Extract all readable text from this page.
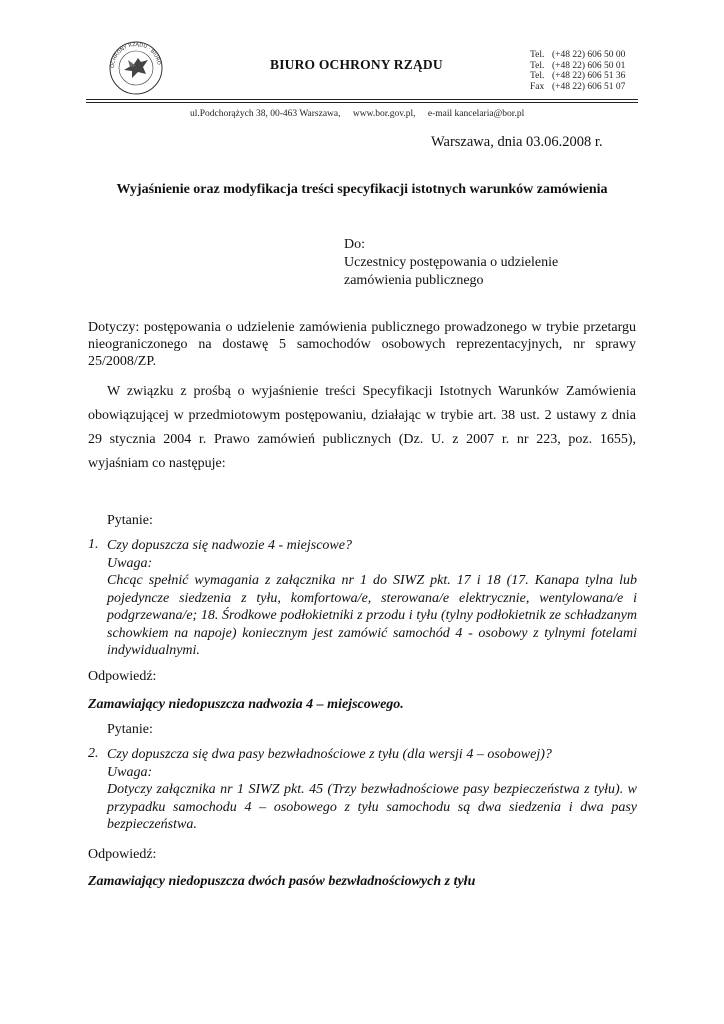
OCHRONY RZĄDU · BIURO	BIURO OCHRONY RZĄDU
Tel. (+48 22) 606 50 00
Tel. (+48 22) 606 50 01
Tel. (+48 22) 606 51 36
Fax (+48 22) 606 51 07
ul.Podchorążych 38, 00-463 Warszawa, www.bor.gov.pl, e-mail kancelaria@bor.pl
Warszawa, dnia 03.06.2008 r.
Wyjaśnienie oraz modyfikacja treści specyfikacji istotnych warunków zamówienia
Do:
Uczestnicy postępowania o udzielenie
zamówienia publicznego
Dotyczy: postępowania o udzielenie zamówienia publicznego prowadzonego w trybie przetargu nieograniczonego na dostawę 5 samochodów osobowych reprezentacyjnych, nr sprawy 25/2008/ZP.
W związku z prośbą o wyjaśnienie treści Specyfikacji Istotnych Warunków Zamówienia obowiązującej w przedmiotowym postępowaniu, działając w trybie art. 38 ust. 2 ustawy z dnia 29 stycznia 2004 r. Prawo zamówień publicznych (Dz. U. z 2007 r. nr 223, poz. 1655), wyjaśniam co następuje:
Pytanie:
1. Czy dopuszcza się nadwozie 4 - miejscowe?
Uwaga:
Chcąc spełnić wymagania z załącznika nr 1 do SIWZ pkt. 17 i 18 (17. Kanapa tylna lub pojedyncze siedzenia z tyłu, komfortowa/e, sterowana/e elektrycznie, wentylowana/e i podgrzewana/e; 18. Środkowe podłokietniki z przodu i tyłu (tylny podłokietnik ze schładzanym schowkiem na napoje) koniecznym jest zamówić samochód 4 - osobowy z tylnymi fotelami indywidualnymi.
Odpowiedź:
Zamawiający niedopuszcza nadwozia 4 – miejscowego.
Pytanie:
2. Czy dopuszcza się dwa pasy bezwładnościowe z tyłu (dla wersji 4 – osobowej)?
Uwaga:
Dotyczy załącznika nr 1 SIWZ pkt. 45 (Trzy bezwładnościowe pasy bezpieczeństwa z tyłu). w przypadku samochodu 4 – osobowego z tyłu samochodu są dwa siedzenia i dwa pasy bezpieczeństwa.
Odpowiedź:
Zamawiający niedopuszcza dwóch pasów bezwładnościowych z tyłu
